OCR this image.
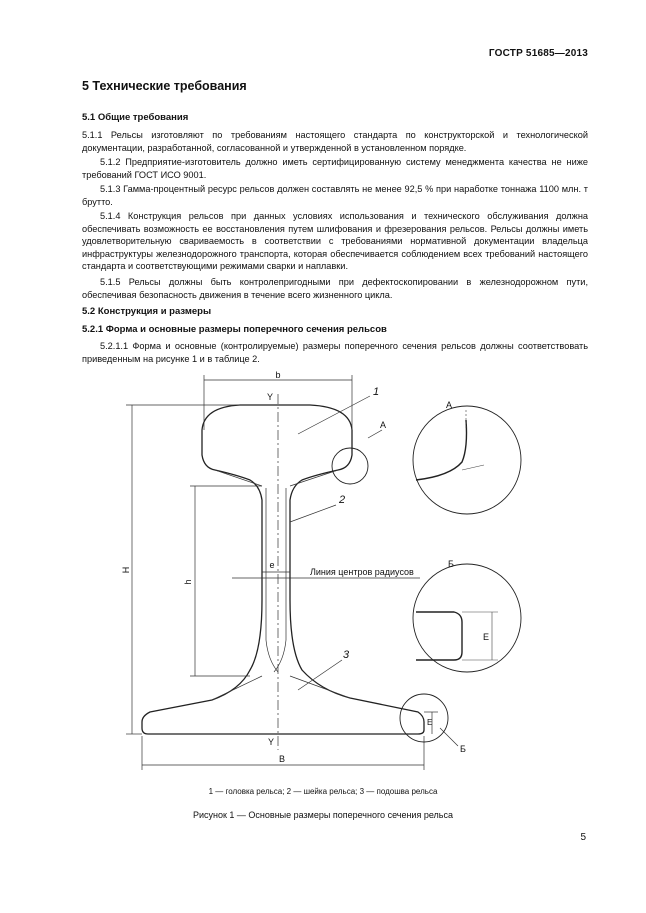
ГОСТР 51685—2013
5 Технические требования
5.1 Общие требования

5.1.1 Рельсы изготовляют по требованиям настоящего стандарта по конструкторской и технологической документации, разработанной, согласованной и утвержденной в установленном порядке.

5.1.2 Предприятие-изготовитель должно иметь сертифицированную систему менеджмента качества не ниже требований ГОСТ ИСО 9001.

5.1.3 Гамма-процентный ресурс рельсов должен составлять не менее 92,5 % при наработке тоннажа 1100 млн. т брутто.

5.1.4 Конструкция рельсов при данных условиях использования и технического обслуживания должна обеспечивать возможность ее восстановления путем шлифования и фрезерования рельсов. Рельсы должны иметь удовлетворительную свариваемость в соответствии с требованиями нормативной документации владельца инфраструктуры железнодорожного транспорта, которая обеспечивается соблюдением всех требований настоящего стандарта и соответствующими режимами сварки и наплавки.

5.1.5 Рельсы должны быть контролепригодными при дефектоскопировании в железнодорожном пути, обеспечивая безопасность движения в течение всего жизненного цикла.

5.2 Конструкция и размеры
5.2.1 Форма и основные размеры поперечного сечения рельсов

5.2.1.1 Форма и основные (контролируемые) размеры поперечного сечения рельсов должны соответствовать приведенным на рисунке 1 и в таблице 2.

b
Y
Y
1
2
3
А
А
H
h
e
Линия центров радиусов
Б
E
E
Б
B
1 — головка рельса; 2 — шейка рельса; 3 — подошва рельса
Рисунок 1 — Основные размеры поперечного сечения рельса
5
